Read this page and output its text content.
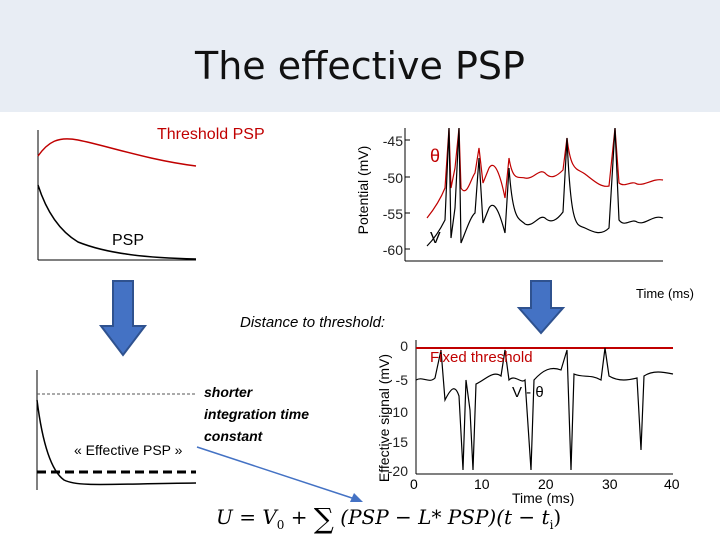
The effective PSP
Threshold PSP
PSP
Potential (mV)
-45
-50
-55
-60
θ
V
Time (ms)
Distance to threshold:
« Effective PSP »
shorter
integration time
constant	Effective signal (mV)
0
-5
-10
-15
-20
0	10	20	30	40
Time (ms)
Fixed threshold
V - θ
$U = V_0$ + ∑ (PSP − L* $PSP)(t - t_i)$
